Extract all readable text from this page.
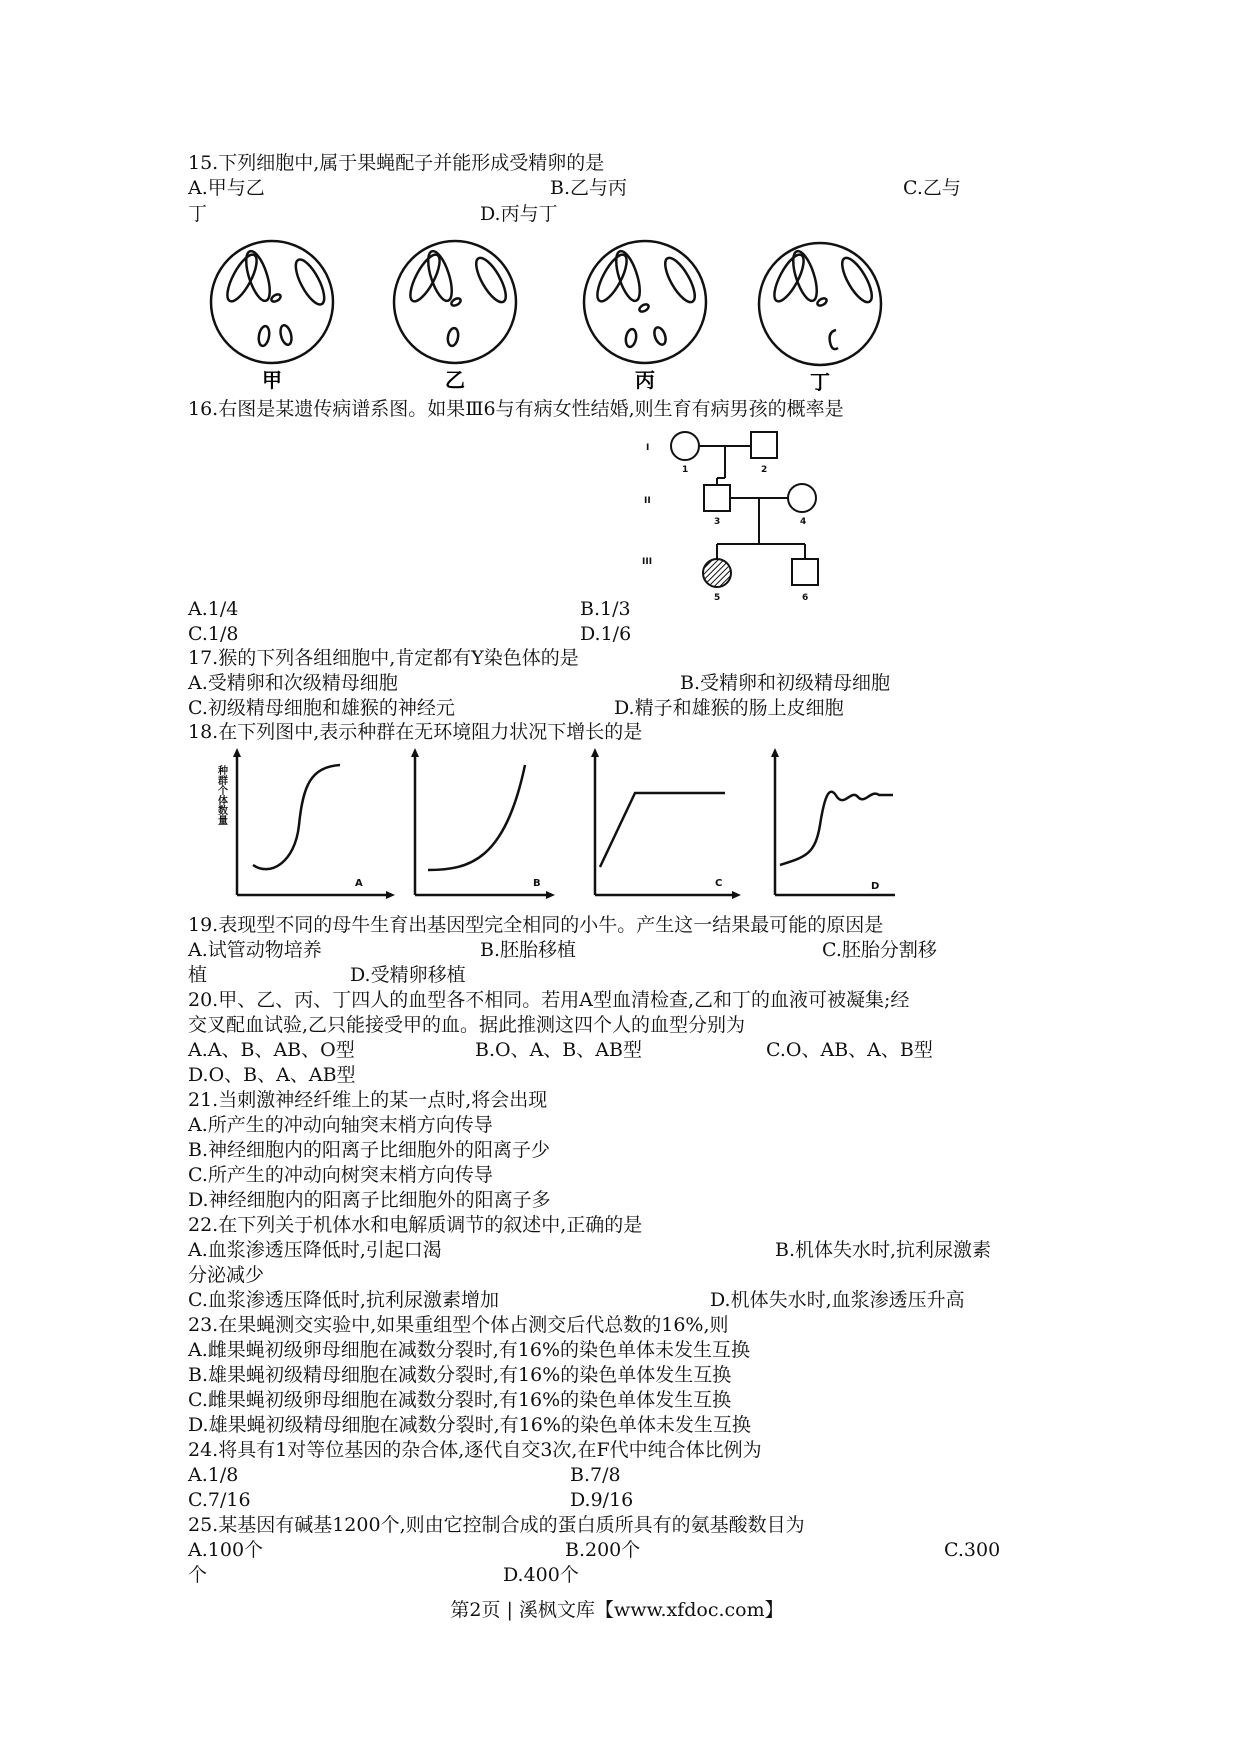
15.下列细胞中,属于果蝇配子并能形成受精卵的是
A.甲与乙	B.乙与丙	C.乙与
丁	D.丙与丁
甲	乙	丙	丁
16.右图是某遗传病谱系图。如果Ⅲ6与有病女性结婚,则生育有病男孩的概率是
I
II
III
1	2
3	4
5	6
A.1/4	B.1/3
C.1/8	D.1/6
17.猴的下列各组细胞中,肯定都有Y染色体的是
A.受精卵和次级精母细胞	B.受精卵和初级精母细胞
C.初级精母细胞和雄猴的神经元	D.精子和雄猴的肠上皮细胞
18.在下列图中,表示种群在无环境阻力状况下增长的是
种群个体数量
A	B	C	D
19.表现型不同的母牛生育出基因型完全相同的小牛。产生这一结果最可能的原因是
A.试管动物培养	B.胚胎移植	C.胚胎分割移
植	D.受精卵移植
20.甲、乙、丙、丁四人的血型各不相同。若用A型血清检查,乙和丁的血液可被凝集;经
交叉配血试验,乙只能接受甲的血。据此推测这四个人的血型分别为
A.A、B、AB、O型	B.O、A、B、AB型	C.O、AB、A、B型
D.O、B、A、AB型
21.当刺激神经纤维上的某一点时,将会出现
A.所产生的冲动向轴突末梢方向传导
B.神经细胞内的阳离子比细胞外的阳离子少
C.所产生的冲动向树突末梢方向传导
D.神经细胞内的阳离子比细胞外的阳离子多
22.在下列关于机体水和电解质调节的叙述中,正确的是
A.血浆渗透压降低时,引起口渴	B.机体失水时,抗利尿激素
分泌减少
C.血浆渗透压降低时,抗利尿激素增加	D.机体失水时,血浆渗透压升高
23.在果蝇测交实验中,如果重组型个体占测交后代总数的16%,则
A.雌果蝇初级卵母细胞在减数分裂时,有16%的染色单体未发生互换
B.雄果蝇初级精母细胞在减数分裂时,有16%的染色单体发生互换
C.雌果蝇初级卵母细胞在减数分裂时,有16%的染色单体发生互换
D.雄果蝇初级精母细胞在减数分裂时,有16%的染色单体未发生互换
24.将具有1对等位基因的杂合体,逐代自交3次,在F代中纯合体比例为
A.1/8	B.7/8
C.7/16	D.9/16
25.某基因有碱基1200个,则由它控制合成的蛋白质所具有的氨基酸数目为
A.100个	B.200个	C.300
个	D.400个
第2页 | 溪枫文库【www.xfdoc.com】
